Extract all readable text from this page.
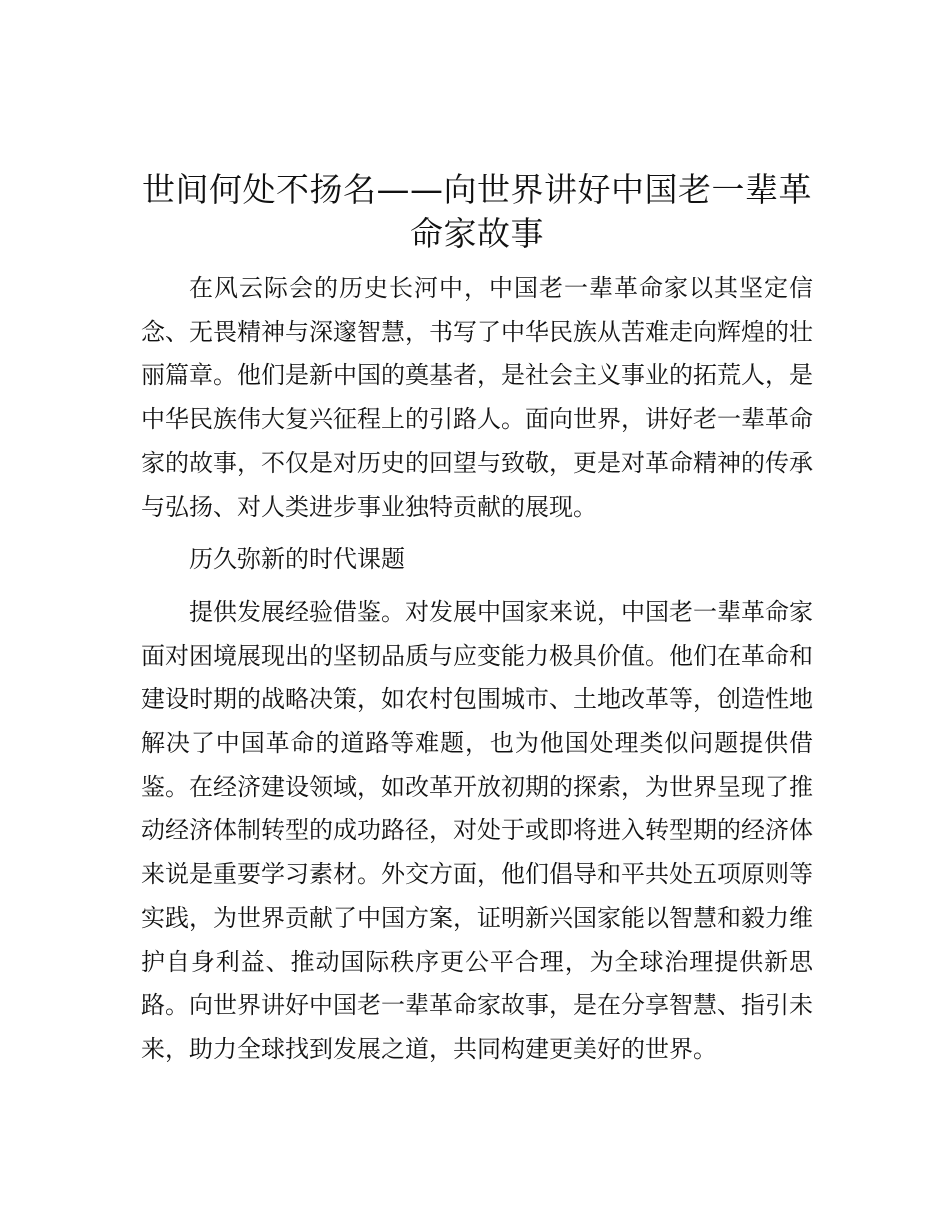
世间何处不扬名——向世界讲好中国老一辈革命家故事

在风云际会的历史长河中，中国老一辈革命家以其坚定信念、无畏精神与深邃智慧，书写了中华民族从苦难走向辉煌的壮丽篇章。他们是新中国的奠基者，是社会主义事业的拓荒人，是中华民族伟大复兴征程上的引路人。面向世界，讲好老一辈革命家的故事，不仅是对历史的回望与致敬，更是对革命精神的传承与弘扬、对人类进步事业独特贡献的展现。

历久弥新的时代课题

提供发展经验借鉴。对发展中国家来说，中国老一辈革命家面对困境展现出的坚韧品质与应变能力极具价值。他们在革命和建设时期的战略决策，如农村包围城市、土地改革等，创造性地解决了中国革命的道路等难题，也为他国处理类似问题提供借鉴。在经济建设领域，如改革开放初期的探索，为世界呈现了推动经济体制转型的成功路径，对处于或即将进入转型期的经济体来说是重要学习素材。外交方面，他们倡导和平共处五项原则等实践，为世界贡献了中国方案，证明新兴国家能以智慧和毅力维护自身利益、推动国际秩序更公平合理，为全球治理提供新思路。向世界讲好中国老一辈革命家故事，是在分享智慧、指引未来，助力全球找到发展之道，共同构建更美好的世界。
